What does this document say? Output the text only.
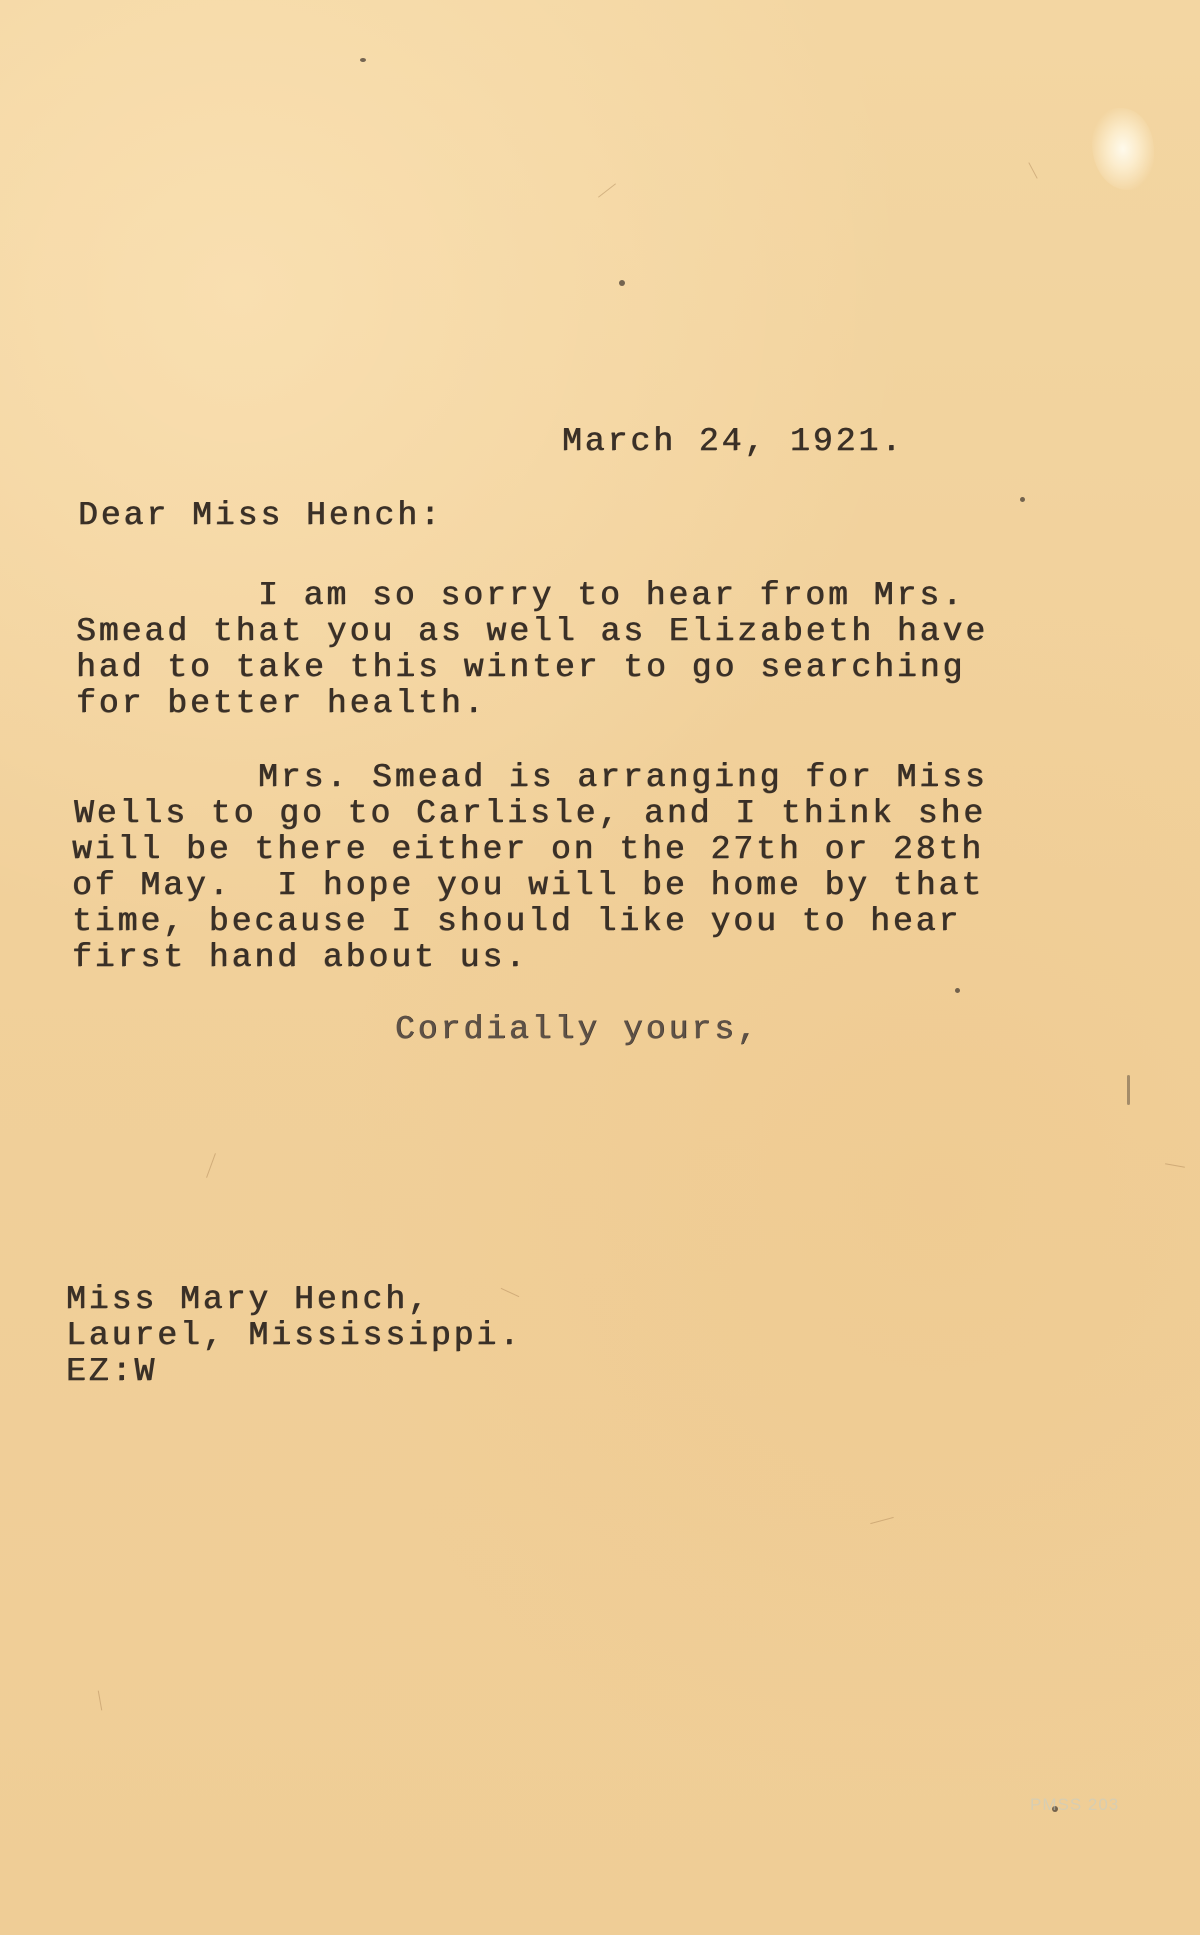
March 24, 1921.
Dear Miss Hench:
I am so sorry to hear from Mrs.
Smead that you as well as Elizabeth have
had to take this winter to go searching
for better health.
Mrs. Smead is arranging for Miss
Wells to go to Carlisle, and I think she
will be there either on the 27th or 28th
of May.  I hope you will be home by that
time, because I should like you to hear
first hand about us.
Cordially yours,
Miss Mary Hench,
Laurel, Mississippi.
EZ:W
PMSS 203
